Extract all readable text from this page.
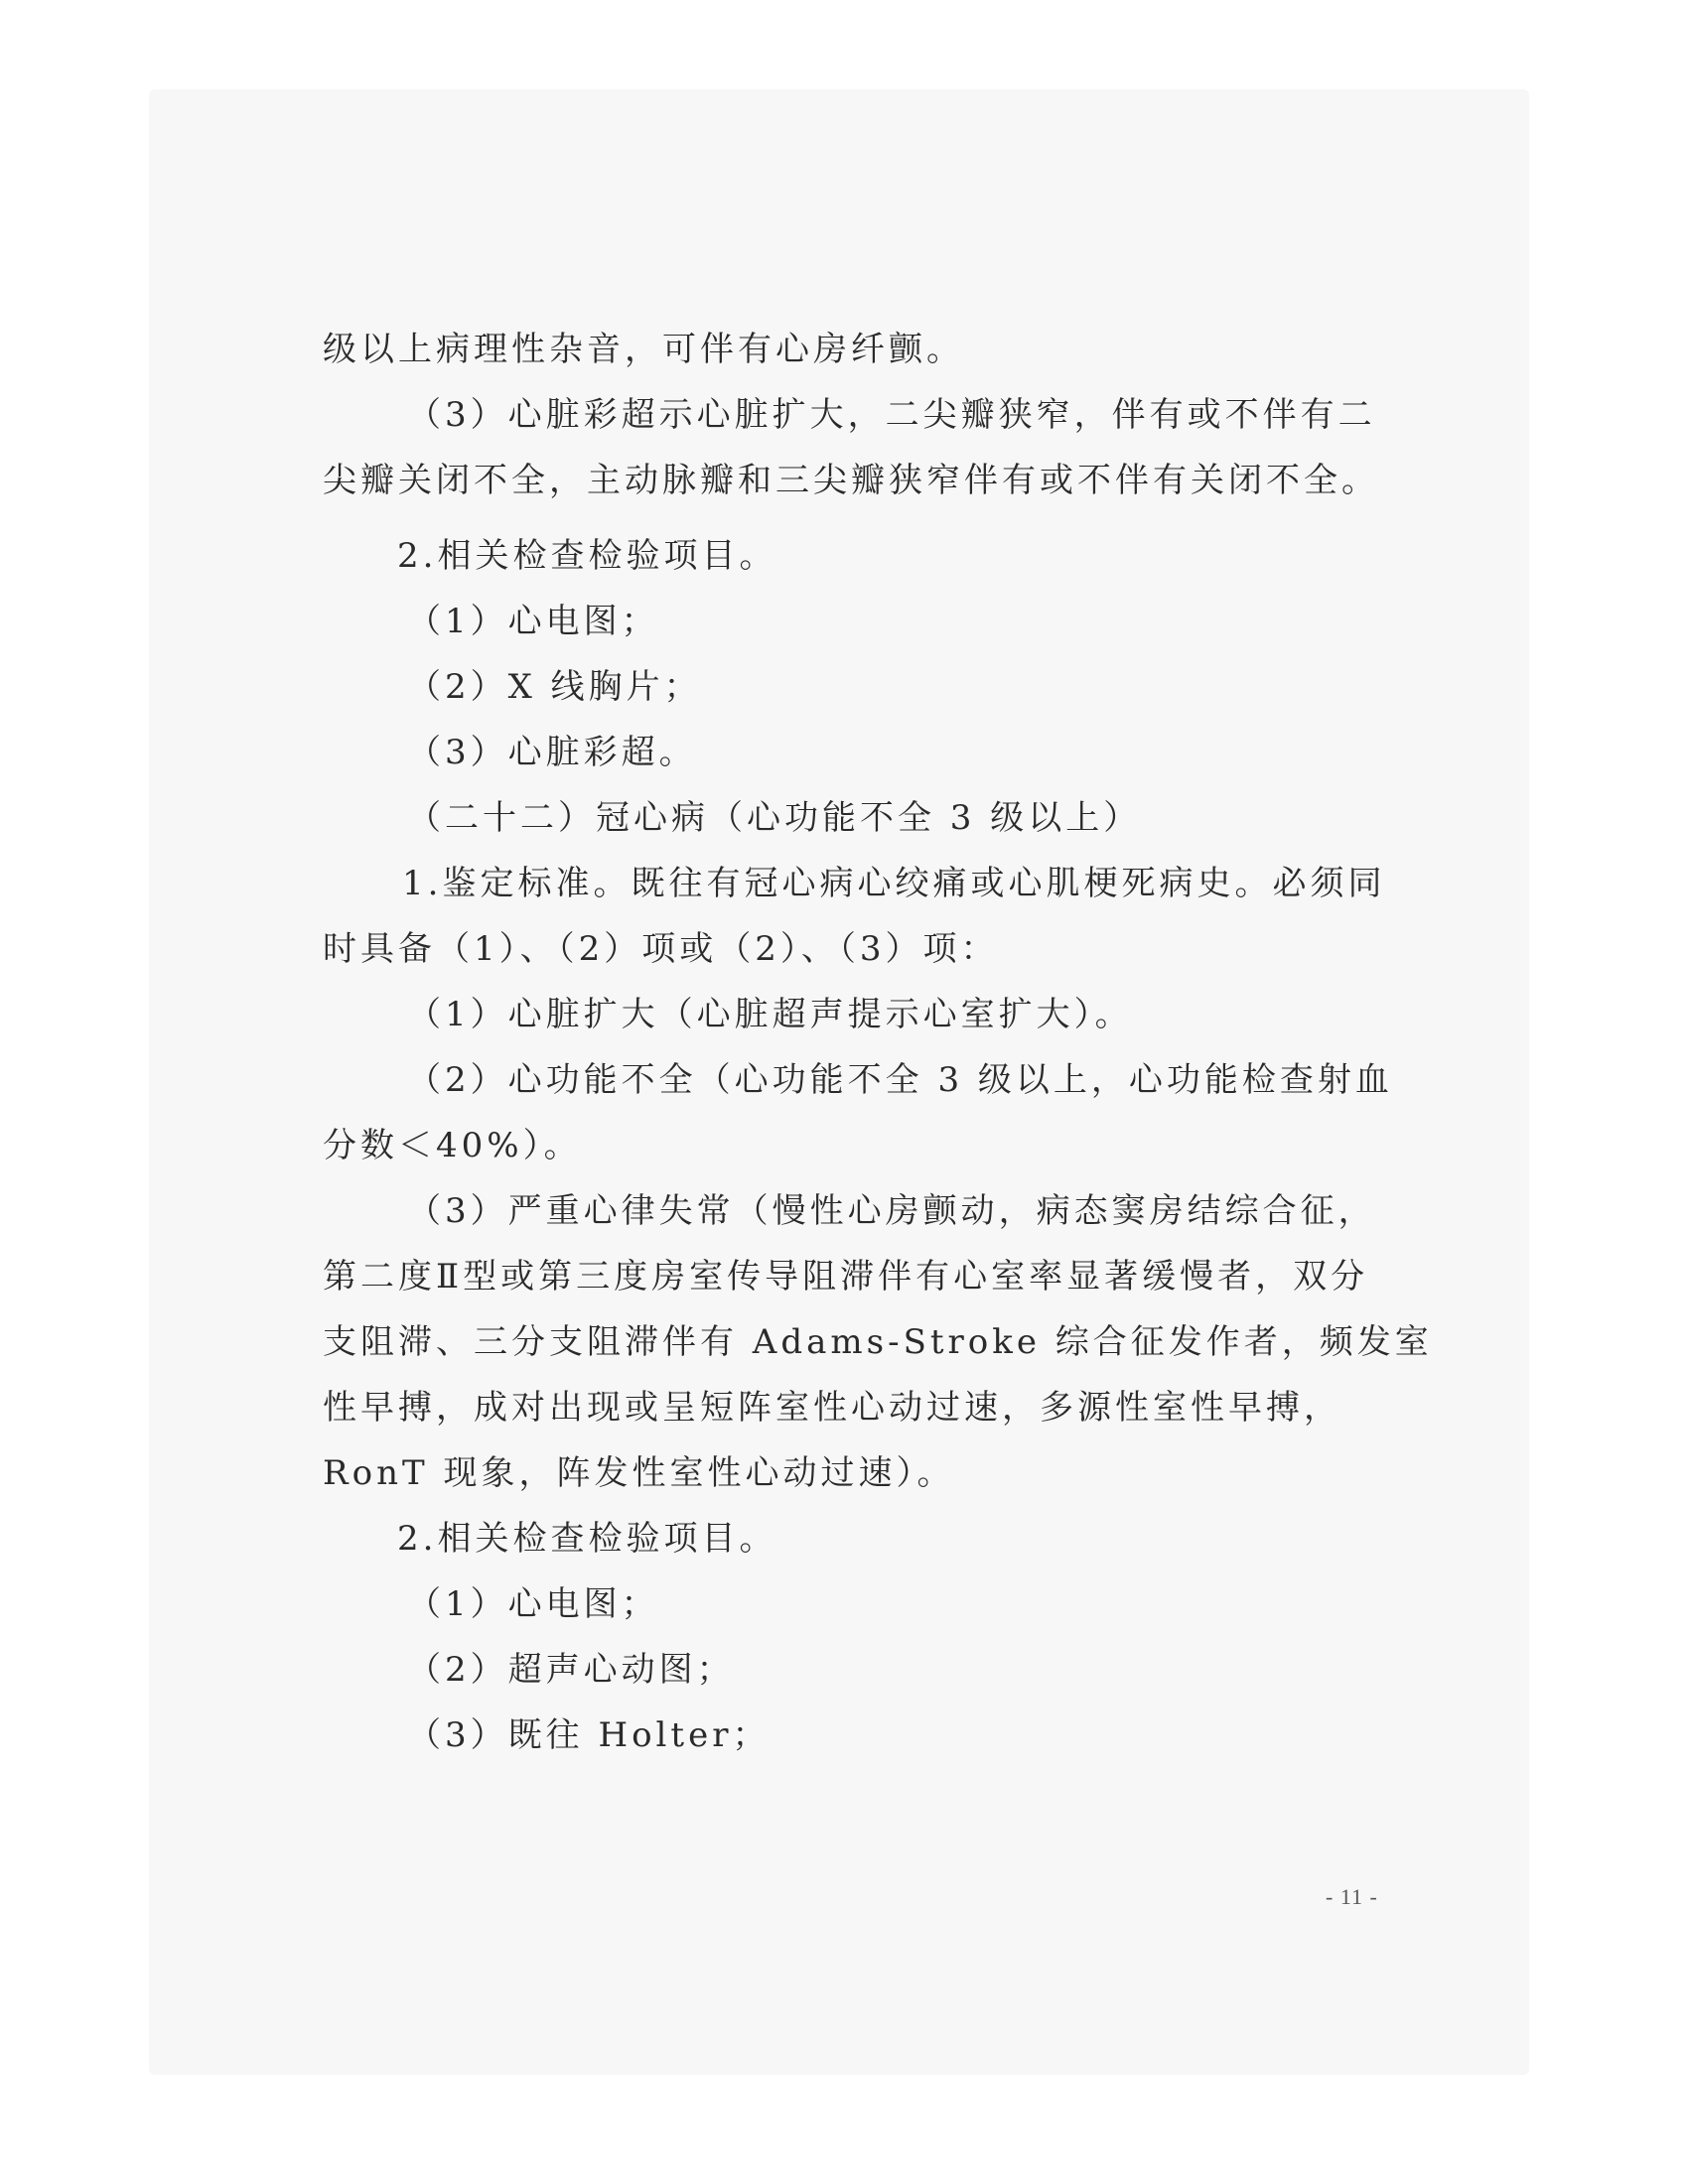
级以上病理性杂音，可伴有心房纤颤。
（3）心脏彩超示心脏扩大，二尖瓣狭窄，伴有或不伴有二
尖瓣关闭不全，主动脉瓣和三尖瓣狭窄伴有或不伴有关闭不全。
2.相关检查检验项目。
（1）心电图；
（2）X 线胸片；
（3）心脏彩超。
（二十二）冠心病（心功能不全 3 级以上）
1.鉴定标准。既往有冠心病心绞痛或心肌梗死病史。必须同
时具备（1）、（2）项或（2）、（3）项：
（1）心脏扩大（心脏超声提示心室扩大）。
（2）心功能不全（心功能不全 3 级以上，心功能检查射血
分数＜40%）。
（3）严重心律失常（慢性心房颤动，病态窦房结综合征，
第二度Ⅱ型或第三度房室传导阻滞伴有心室率显著缓慢者，双分
支阻滞、三分支阻滞伴有 Adams-Stroke 综合征发作者，频发室
性早搏，成对出现或呈短阵室性心动过速，多源性室性早搏，
RonT 现象，阵发性室性心动过速）。
2.相关检查检验项目。
（1）心电图；
（2）超声心动图；
（3）既往 Holter；
- 11 -
